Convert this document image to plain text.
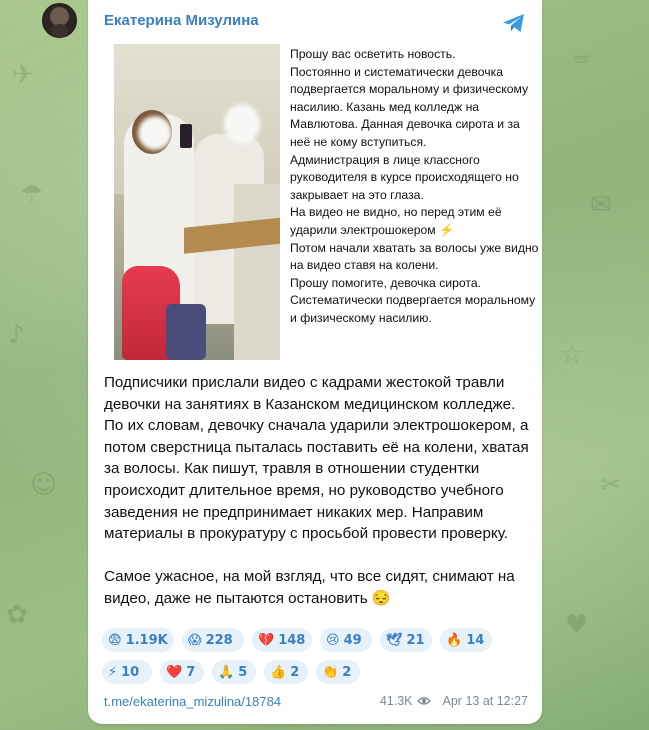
✈
☂
♪
☺
✿
☕
✉
☆
✂
♥
Екатерина Мизулина
Прошу вас осветить новость.
Постоянно и систематически девочка подвергается моральному и физическому насилию. Казань мед колледж на Мавлютова. Данная девочка сирота и за неё не кому вступиться.
Администрация в лице классного руководителя в курсе происходящего но закрывает на это глаза.
На видео не видно, но перед этим её ударили электрошокером ⚡
Потом начали хватать за волосы уже видно на видео ставя на колени.
Прошу помогите, девочка сирота.
Систематически подвергается моральному и физическому насилию.
Подписчики прислали видео с кадрами жестокой травли девочки на занятиях в Казанском медицинском колледже. По их словам, девочку сначала ударили электрошокером, а потом сверстница пыталась поставить её на колени, хватая за волосы. Как пишут, травля в отношении студентки происходит длительное время, но руководство учебного заведения не предпринимает никаких мер. Направим материалы в прокуратуру с просьбой провести проверку.

Самое ужасное, на мой взгляд, что все сидят, снимают на видео, даже не пытаются остановить 😔
😨 1.19K 😱 228 💔 148 😢 49 🕊 21 🔥 14
⚡ 10 ❤️ 7 🙏 5 👍 2 👏 2
t.me/ekaterina_mizulina/18784	41.3K Apr 13 at 12:27
